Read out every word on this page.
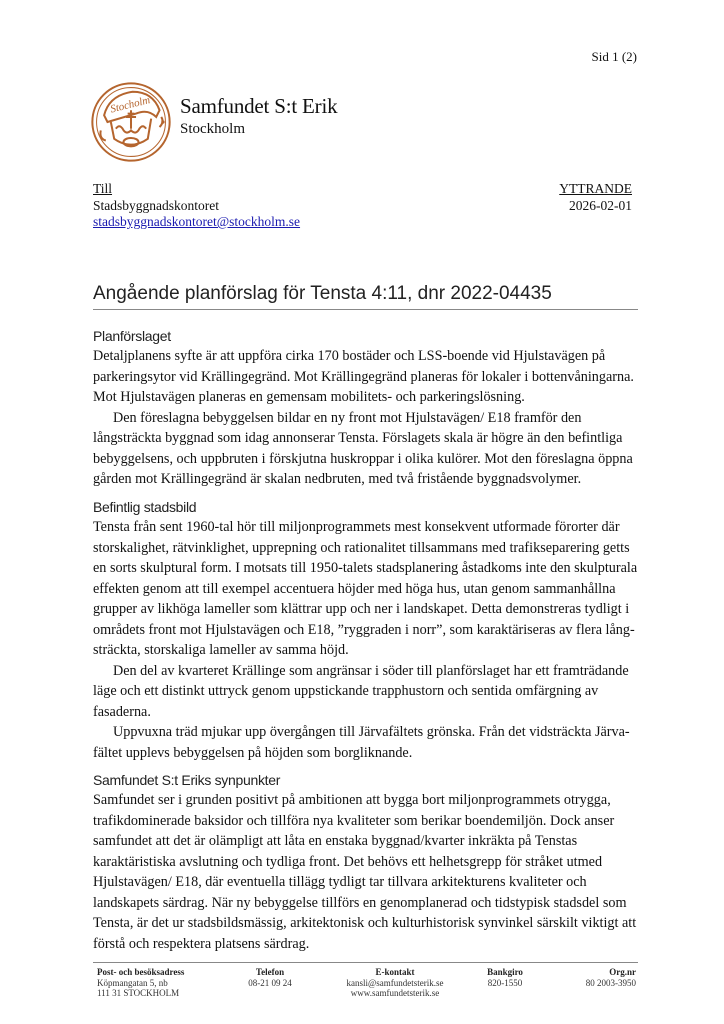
Sid 1 (2)
Stocholm Samfundet S:t Erik
Stockholm
Till
Stadsbyggnadskontoret
stadsbyggnadskontoret@stockholm.se
YTTRANDE
2026-02-01
Angående planförslag för Tensta 4:11, dnr 2022-04435
Planförslaget

Detaljplanens syfte är att uppföra cirka 170 bostäder och LSS-boende vid Hjulstavägen på parkeringsytor vid Krällingegränd. Mot Krällingegränd planeras för lokaler i bottenvåningarna. Mot Hjulstavägen planeras en gemensam mobilitets- och parkeringslösning.

Den föreslagna bebyggelsen bildar en ny front mot Hjulstavägen/ E18 framför den långsträckta byggnad som idag annonserar Tensta. Förslagets skala är högre än den befintliga bebyggelsens, och uppbruten i förskjutna huskroppar i olika kulörer. Mot den föreslagna öppna gården mot Krällingegränd är skalan nedbruten, med två fristående byggnadsvolymer.

Befintlig stadsbild

Tensta från sent 1960-tal hör till miljonprogrammets mest konsekvent utformade förorter där storskalighet, rätvinklighet, upprepning och rationalitet tillsammans med trafikseparering getts en sorts skulptural form. I motsats till 1950-talets stadsplanering åstadkoms inte den skulpturala effekten genom att till exempel accentuera höjder med höga hus, utan genom sammanhållna grupper av likhöga lameller som klättrar upp och ner i landskapet. Detta demonstreras tydligt i områdets front mot Hjulstavägen och E18, ”ryggraden i norr”, som karaktäriseras av flera långsträckta, storskaliga lameller av samma höjd.

Den del av kvarteret Krällinge som angränsar i söder till planförslaget har ett framträdande läge och ett distinkt uttryck genom uppstickande trapphustorn och sentida omfärgning av fasaderna.

Uppvuxna träd mjukar upp övergången till Järvafältets grönska. Från det vidsträckta Järvafältet upplevs bebyggelsen på höjden som borgliknande.

Samfundet S:t Eriks synpunkter

Samfundet ser i grunden positivt på ambitionen att bygga bort miljonprogrammets otrygga, trafikdominerade baksidor och tillföra nya kvaliteter som berikar boendemiljön. Dock anser samfundet att det är olämpligt att låta en enstaka byggnad/kvarter inkräkta på Tenstas karaktäristiska avslutning och tydliga front. Det behövs ett helhetsgrepp för stråket utmed Hjulstavägen/ E18, där eventuella tillägg tydligt tar tillvara arkitekturens kvaliteter och landskapets särdrag. När ny bebyggelse tillförs en genomplanerad och tidstypisk stadsdel som Tensta, är det ur stadsbildsmässig, arkitektonisk och kulturhistorisk synvinkel särskilt viktigt att förstå och respektera platsens särdrag.

Post- och besöksadress
Köpmangatan 5, nb
111 31 STOCKHOLM
Telefon
08-21 09 24
E-kontakt
kansli@samfundetsterik.se
www.samfundetsterik.se
Bankgiro
820-1550
Org.nr
80 2003-3950
